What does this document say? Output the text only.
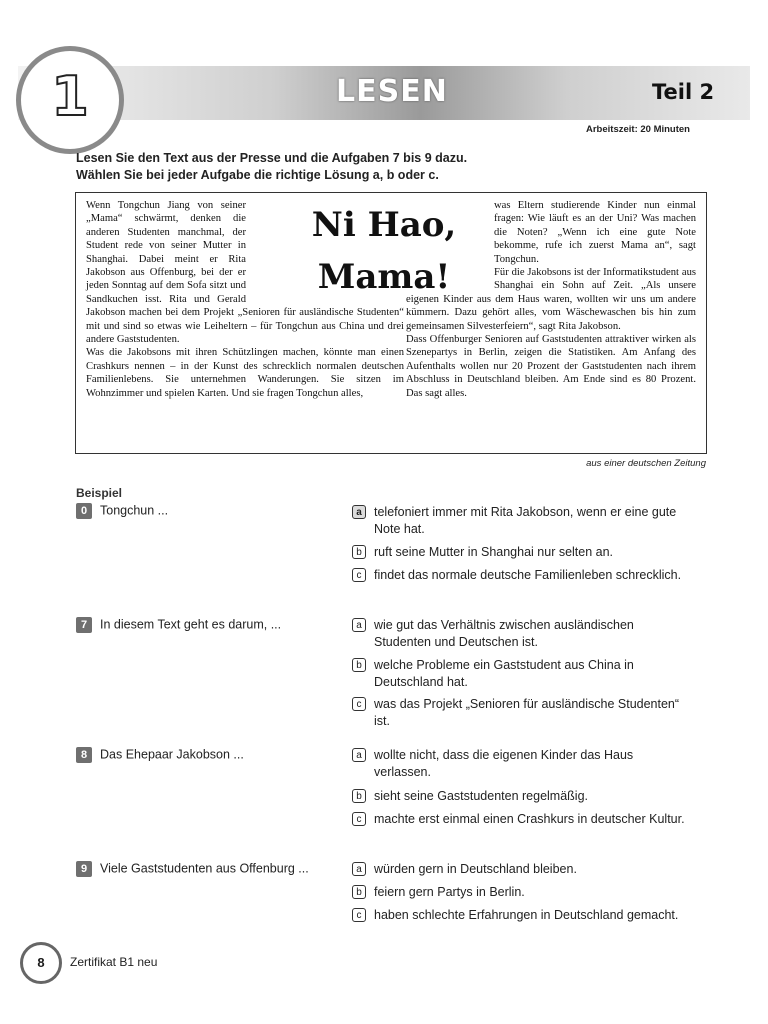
1	LESEN	Teil 2
Arbeitszeit: 20 Minuten
Lesen Sie den Text aus der Presse und die Aufgaben 7 bis 9 dazu.
Wählen Sie bei jeder Aufgabe die richtige Lösung a, b oder c.
Ni Hao,
Mama!

Wenn Tongchun Jiang von seiner „Mama“ schwärmt, denken die anderen Studenten manchmal, der Student rede von seiner Mutter in Shanghai. Dabei meint er Rita Jakobson aus Offenburg, bei der er jeden Sonntag auf dem Sofa sitzt und Sandkuchen isst. Rita und Gerald Jakobson machen bei dem Projekt „Senioren für ausländische Studenten“ mit und sind so etwas wie Leiheltern – für Tongchun aus China und drei andere Gaststudenten.

Was die Jakobsons mit ihren Schützlingen machen, könnte man einen Crashkurs nennen – in der Kunst des schrecklich normalen deutschen Familienlebens. Sie unternehmen Wanderungen. Sie sitzen im Wohnzimmer und spielen Karten. Und sie fragen Tongchun alles,

was Eltern studierende Kinder nun einmal fragen: Wie läuft es an der Uni? Was machen die Noten? „Wenn ich eine gute Note bekomme, rufe ich zuerst Mama an“, sagt Tongchun.

Für die Jakobsons ist der Informatikstudent aus Shanghai ein Sohn auf Zeit. „Als unsere eigenen Kinder aus dem Haus waren, wollten wir uns um andere kümmern. Dazu gehört alles, vom Wäschewaschen bis hin zum gemeinsamen Silvesterfeiern“, sagt Rita Jakobson.

Dass Offenburger Senioren auf Gaststudenten attraktiver wirken als Szenepartys in Berlin, zeigen die Statistiken. Am Anfang des Aufenthalts wollen nur 20 Prozent der Gaststudenten nach ihrem Abschluss in Deutschland bleiben. Am Ende sind es 80 Prozent. Das sagt alles.

aus einer deutschen Zeitung
Beispiel
0 Tongchun ...	a telefoniert immer mit Rita Jakobson, wenn er eine gute Note hat.
b ruft seine Mutter in Shanghai nur selten an.
c	findet das normale deutsche Familienleben schrecklich.
7 In diesem Text geht es darum, ...	a wie gut das Verhältnis zwischen ausländischen Studenten und Deutschen ist.
b welche Probleme ein Gaststudent aus China in Deutschland hat.
c	was das Projekt „Senioren für ausländische Studenten“ ist.
8 Das Ehepaar Jakobson ...	a wollte nicht, dass die eigenen Kinder das Haus verlassen.
b sieht seine Gaststudenten regelmäßig.
c	machte erst einmal einen Crashkurs in deutscher Kultur.
9 Viele Gaststudenten aus Offenburg ...	a würden gern in Deutschland bleiben.
b feiern gern Partys in Berlin.
c	haben schlechte Erfahrungen in Deutschland gemacht.
8	Zertifikat B1 neu
